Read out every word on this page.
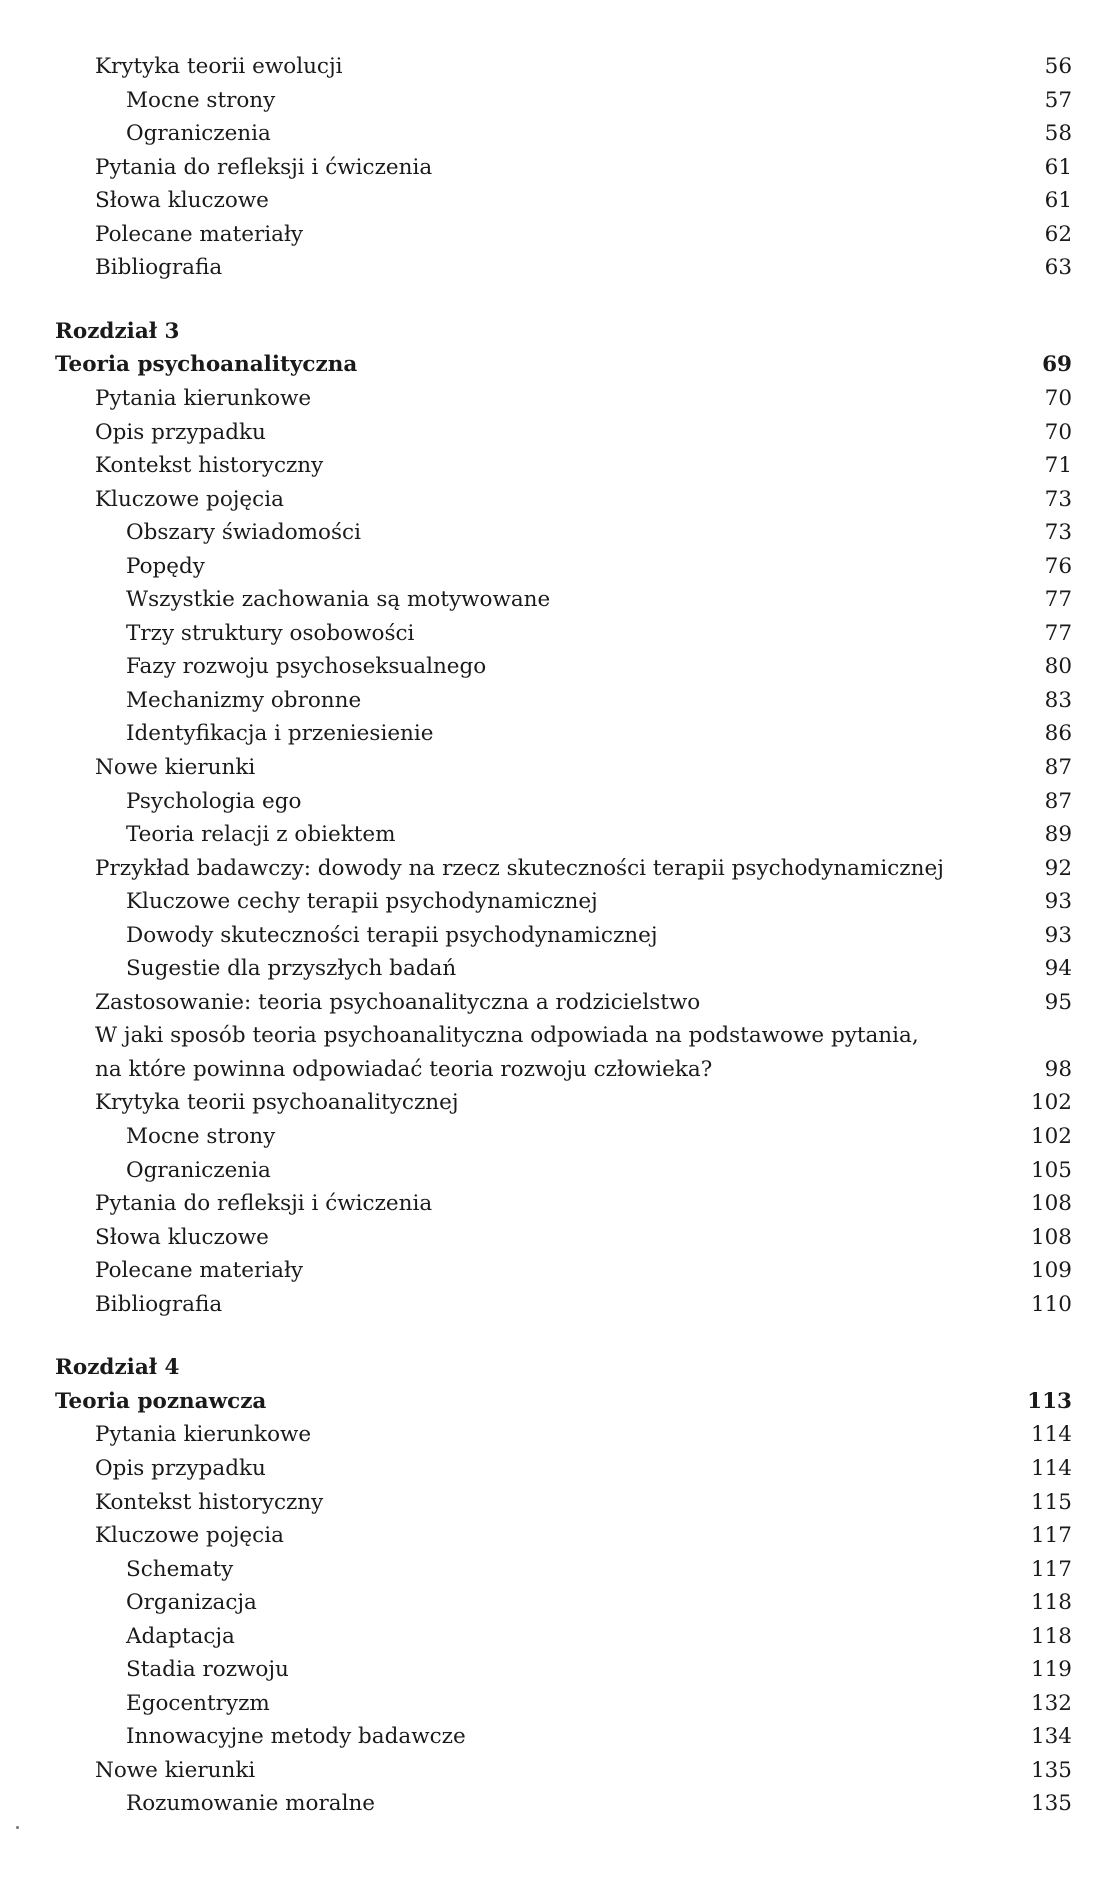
Krytyka teorii ewolucji	56
Mocne strony	57
Ograniczenia	58
Pytania do refleksji i ćwiczenia	61
Słowa kluczowe	61
Polecane materiały	62
Bibliografia	63
Rozdział 3
Teoria psychoanalityczna	69
Pytania kierunkowe	70
Opis przypadku	70
Kontekst historyczny	71
Kluczowe pojęcia	73
Obszary świadomości	73
Popędy	76
Wszystkie zachowania są motywowane	77
Trzy struktury osobowości	77
Fazy rozwoju psychoseksualnego	80
Mechanizmy obronne	83
Identyfikacja i przeniesienie	86
Nowe kierunki	87
Psychologia ego	87
Teoria relacji z obiektem	89
Przykład badawczy: dowody na rzecz skuteczności terapii psychodynamicznej	92
Kluczowe cechy terapii psychodynamicznej	93
Dowody skuteczności terapii psychodynamicznej	93
Sugestie dla przyszłych badań	94
Zastosowanie: teoria psychoanalityczna a rodzicielstwo	95
W jaki sposób teoria psychoanalityczna odpowiada na podstawowe pytania,
na które powinna odpowiadać teoria rozwoju człowieka?	98
Krytyka teorii psychoanalitycznej	102
Mocne strony	102
Ograniczenia	105
Pytania do refleksji i ćwiczenia	108
Słowa kluczowe	108
Polecane materiały	109
Bibliografia	110
Rozdział 4
Teoria poznawcza	113
Pytania kierunkowe	114
Opis przypadku	114
Kontekst historyczny	115
Kluczowe pojęcia	117
Schematy	117
Organizacja	118
Adaptacja	118
Stadia rozwoju	119
Egocentryzm	132
Innowacyjne metody badawcze	134
Nowe kierunki	135
Rozumowanie moralne	135
